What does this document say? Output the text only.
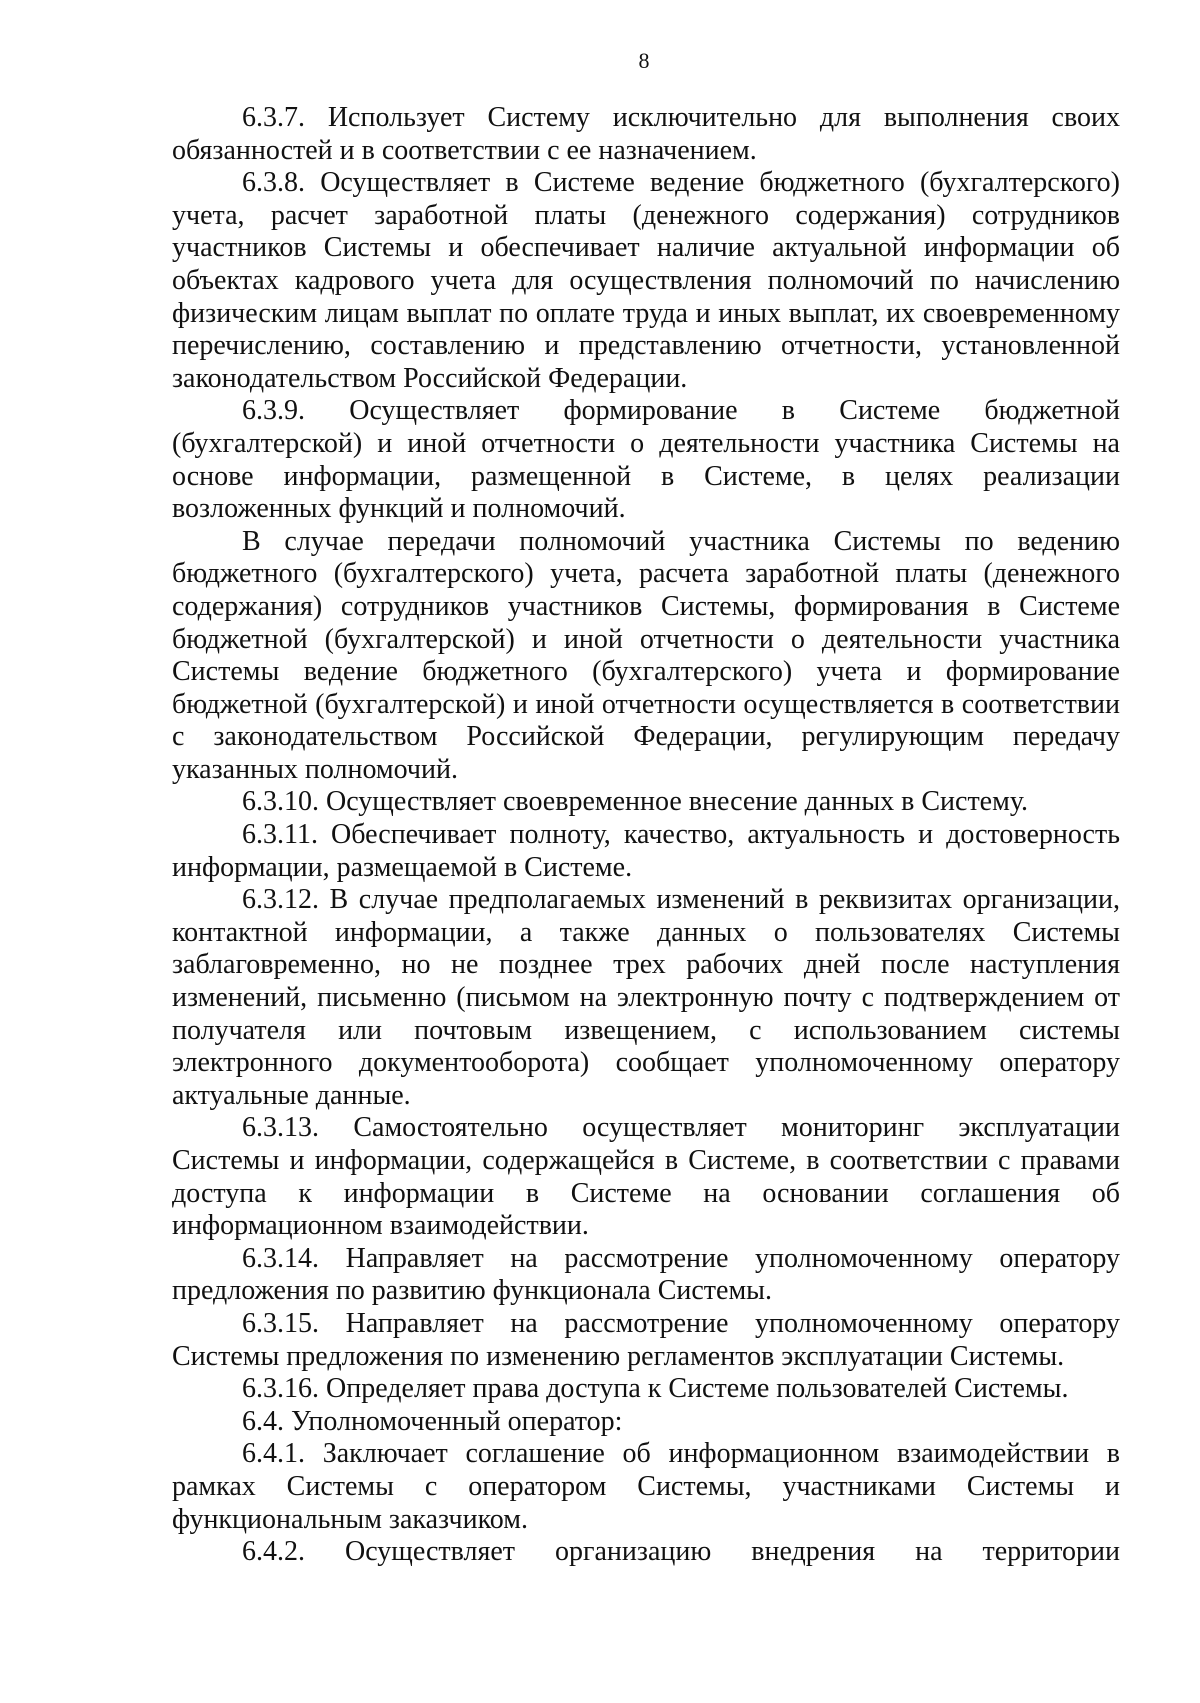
8

6.3.7. Использует Систему исключительно для выполнения своих обязанностей и в соответствии с ее назначением.

6.3.8. Осуществляет в Системе ведение бюджетного (бухгалтерского) учета, расчет заработной платы (денежного содержания) сотрудников участников Системы и обеспечивает наличие актуальной информации об объектах кадрового учета для осуществления полномочий по начислению физическим лицам выплат по оплате труда и иных выплат, их своевременному перечислению, составлению и представлению отчетности, установленной законодательством Российской Федерации.

6.3.9. Осуществляет формирование в Системе бюджетной (бухгалтерской) и иной отчетности о деятельности участника Системы на основе информации, размещенной в Системе, в целях реализации возложенных функций и полномочий.

В случае передачи полномочий участника Системы по ведению бюджетного (бухгалтерского) учета, расчета заработной платы (денежного содержания) сотрудников участников Системы, формирования в Системе бюджетной (бухгалтерской) и иной отчетности о деятельности участника Системы ведение бюджетного (бухгалтерского) учета и формирование бюджетной (бухгалтерской) и иной отчетности осуществляется в соответствии с законодательством Российской Федерации, регулирующим передачу указанных полномочий.

6.3.10. Осуществляет своевременное внесение данных в Систему.

6.3.11. Обеспечивает полноту, качество, актуальность и достоверность информации, размещаемой в Системе.

6.3.12. В случае предполагаемых изменений в реквизитах организации, контактной информации, а также данных о пользователях Системы заблаговременно, но не позднее трех рабочих дней после наступления изменений, письменно (письмом на электронную почту с подтверждением от получателя или почтовым извещением, с использованием системы электронного документооборота) сообщает уполномоченному оператору актуальные данные.

6.3.13. Самостоятельно осуществляет мониторинг эксплуатации Системы и информации, содержащейся в Системе, в соответствии с правами доступа к информации в Системе на основании соглашения об информационном взаимодействии.

6.3.14. Направляет на рассмотрение уполномоченному оператору предложения по развитию функционала Системы.

6.3.15. Направляет на рассмотрение уполномоченному оператору Системы предложения по изменению регламентов эксплуатации Системы.

6.3.16. Определяет права доступа к Системе пользователей Системы.

6.4. Уполномоченный оператор:

6.4.1. Заключает соглашение об информационном взаимодействии в рамках Системы с оператором Системы, участниками Системы и функциональным заказчиком.

6.4.2. Осуществляет организацию внедрения на территории
